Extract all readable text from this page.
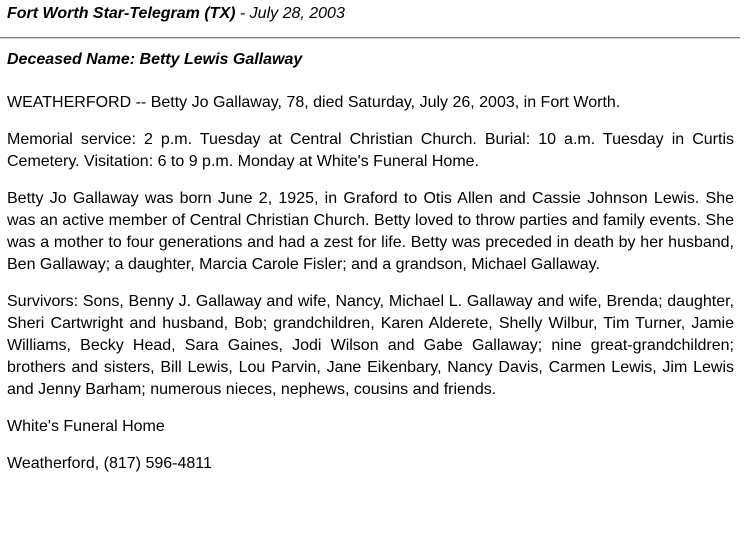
Fort Worth Star-Telegram (TX) - July 28, 2003
Deceased Name: Betty Lewis Gallaway

WEATHERFORD -- Betty Jo Gallaway, 78, died Saturday, July 26, 2003, in Fort Worth.

Memorial service: 2 p.m. Tuesday at Central Christian Church. Burial: 10 a.m. Tuesday in Curtis Cemetery. Visitation: 6 to 9 p.m. Monday at White's Funeral Home.

Betty Jo Gallaway was born June 2, 1925, in Graford to Otis Allen and Cassie Johnson Lewis. She was an active member of Central Christian Church. Betty loved to throw parties and family events. She was a mother to four generations and had a zest for life. Betty was preceded in death by her husband, Ben Gallaway; a daughter, Marcia Carole Fisler; and a grandson, Michael Gallaway.

Survivors: Sons, Benny J. Gallaway and wife, Nancy, Michael L. Gallaway and wife, Brenda; daughter, Sheri Cartwright and husband, Bob; grandchildren, Karen Alderete, Shelly Wilbur, Tim Turner, Jamie Williams, Becky Head, Sara Gaines, Jodi Wilson and Gabe Gallaway; nine great-grandchildren; brothers and sisters, Bill Lewis, Lou Parvin, Jane Eikenbary, Nancy Davis, Carmen Lewis, Jim Lewis and Jenny Barham; numerous nieces, nephews, cousins and friends.

White's Funeral Home

Weatherford, (817) 596-4811
